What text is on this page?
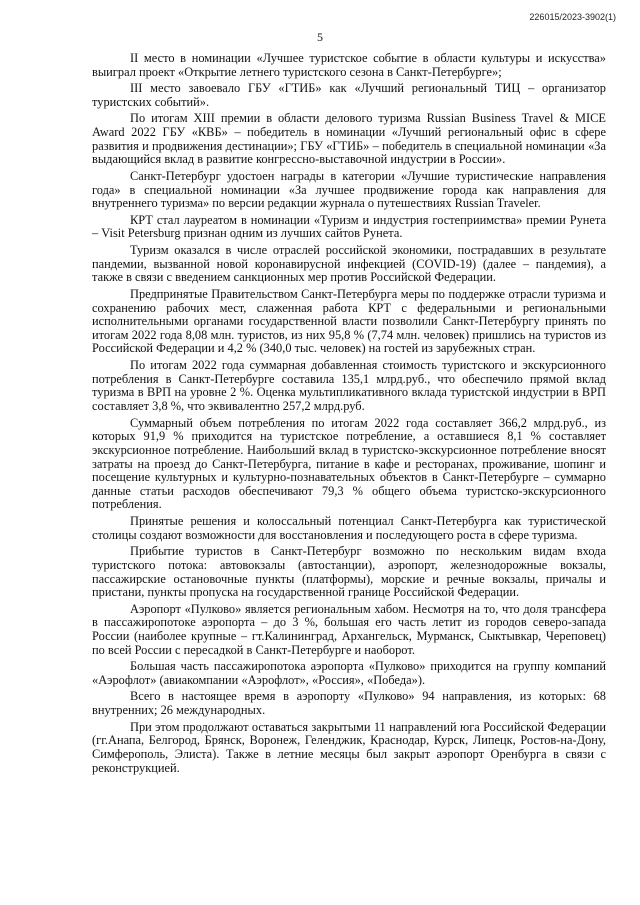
226015/2023-3902(1)
5

II место в номинации «Лучшее туристское событие в области культуры и искусства» выиграл проект «Открытие летнего туристского сезона в Санкт-Петербурге»;

III место завоевало ГБУ «ГТИБ» как «Лучший региональный ТИЦ – организатор туристских событий».

По итогам XIII премии в области делового туризма Russian Business Travel & MICE Award 2022 ГБУ «КВБ» – победитель в номинации «Лучший региональный офис в сфере развития и продвижения дестинации»; ГБУ «ГТИБ» – победитель в специальной номинации «За выдающийся вклад в развитие конгрессно-выставочной индустрии в России».

Санкт-Петербург удостоен награды в категории «Лучшие туристические направления года» в специальной номинации «За лучшее продвижение города как направления для внутреннего туризма» по версии редакции журнала о путешествиях Russian Traveler.

КРТ стал лауреатом в номинации «Туризм и индустрия гостеприимства» премии Рунета – Visit Petersburg признан одним из лучших сайтов Рунета.

Туризм оказался в числе отраслей российской экономики, пострадавших в результате пандемии, вызванной новой коронавирусной инфекцией (COVID-19) (далее – пандемия), а также в связи с введением санкционных мер против Российской Федерации.

Предпринятые Правительством Санкт-Петербурга меры по поддержке отрасли туризма и сохранению рабочих мест, слаженная работа КРТ с федеральными и региональными исполнительными органами государственной власти позволили Санкт-Петербургу принять по итогам 2022 года 8,08 млн. туристов, из них 95,8 % (7,74 млн. человек) пришлись на туристов из Российской Федерации и 4,2 % (340,0 тыс. человек) на гостей из зарубежных стран.

По итогам 2022 года суммарная добавленная стоимость туристского и экскурсионного потребления в Санкт-Петербурге составила 135,1 млрд.руб., что обеспечило прямой вклад туризма в ВРП на уровне 2 %. Оценка мультипликативного вклада туристской индустрии в ВРП составляет 3,8 %, что эквивалентно 257,2 млрд.руб.

Суммарный объем потребления по итогам 2022 года составляет 366,2 млрд.руб., из которых 91,9 % приходится на туристское потребление, а оставшиеся 8,1 % составляет экскурсионное потребление. Наибольший вклад в туристско-экскурсионное потребление вносят затраты на проезд до Санкт-Петербурга, питание в кафе и ресторанах, проживание, шопинг и посещение культурных и культурно-познавательных объектов в Санкт-Петербурге – суммарно данные статьи расходов обеспечивают 79,3 % общего объема туристско-экскурсионного потребления.

Принятые решения и колоссальный потенциал Санкт-Петербурга как туристической столицы создают возможности для восстановления и последующего роста в сфере туризма.

Прибытие туристов в Санкт-Петербург возможно по нескольким видам входа туристского потока: автовокзалы (автостанции), аэропорт, железнодорожные вокзалы, пассажирские остановочные пункты (платформы), морские и речные вокзалы, причалы и пристани, пункты пропуска на государственной границе Российской Федерации.

Аэропорт «Пулково» является региональным хабом. Несмотря на то, что доля трансфера в пассажиропотоке аэропорта – до 3 %, большая его часть летит из городов северо-запада России (наиболее крупные – гт.Калининград, Архангельск, Мурманск, Сыктывкар, Череповец) по всей России с пересадкой в Санкт-Петербурге и наоборот.

Большая часть пассажиропотока аэропорта «Пулково» приходится на группу компаний «Аэрофлот» (авиакомпании «Аэрофлот», «Россия», «Победа»).

Всего в настоящее время в аэропорту «Пулково» 94 направления, из которых: 68 внутренних; 26 международных.

При этом продолжают оставаться закрытыми 11 направлений юга Российской Федерации (гг.Анапа, Белгород, Брянск, Воронеж, Геленджик, Краснодар, Курск, Липецк, Ростов-на-Дону, Симферополь, Элиста). Также в летние месяцы был закрыт аэропорт Оренбурга в связи с реконструкцией.
